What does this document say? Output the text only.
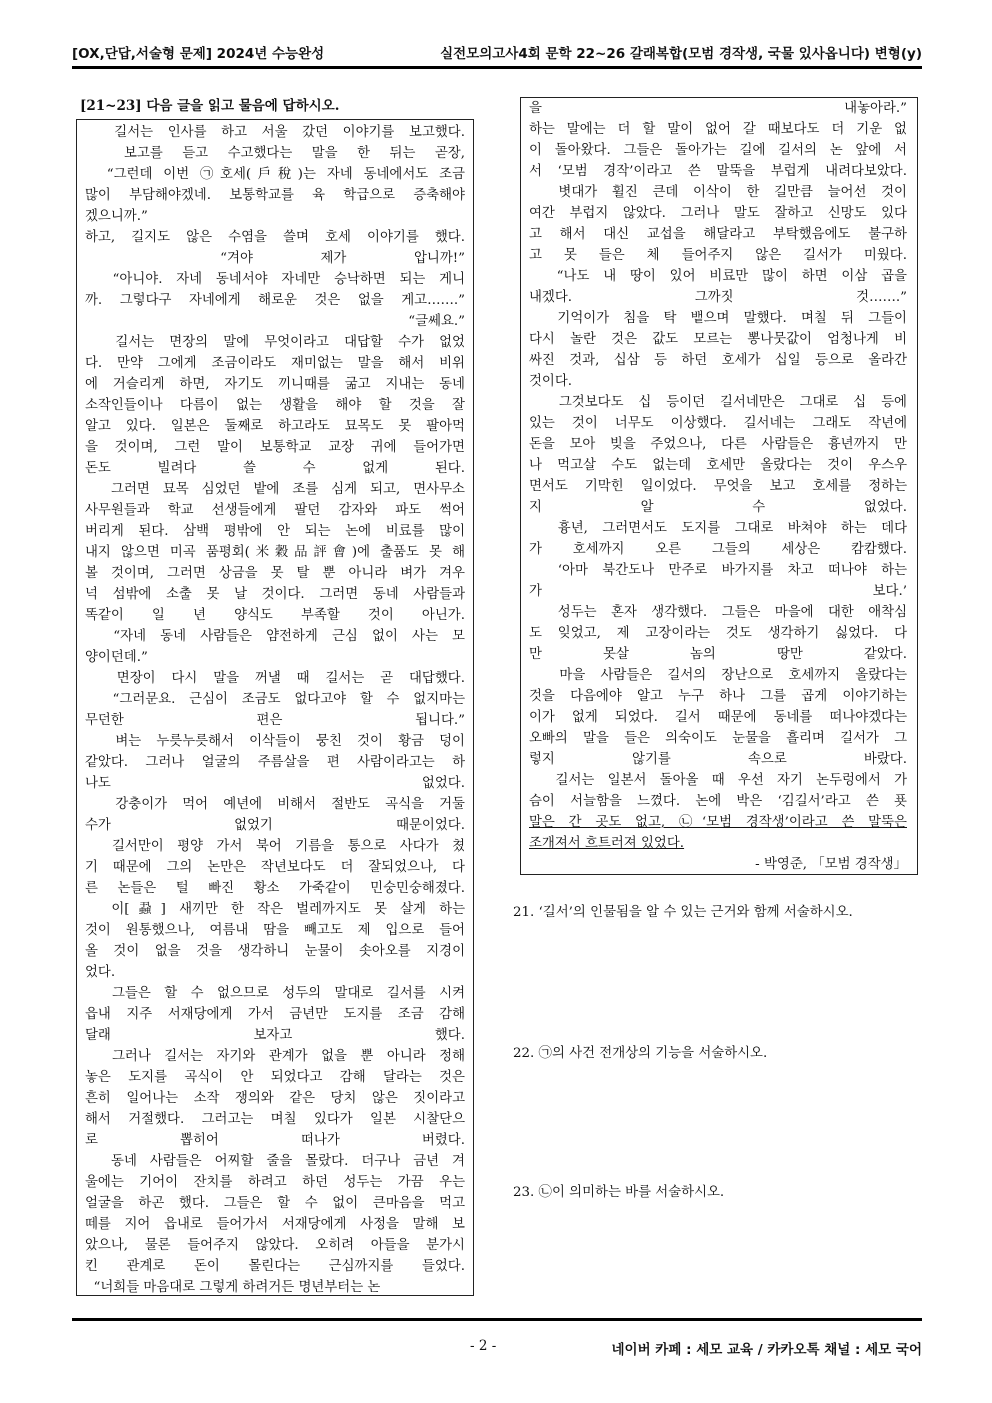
[OX,단답,서술형 문제] 2024년 수능완성	실전모의고사4회 문학 22~26 갈래복합(모범 경작생, 국물 있사옵니다) 변형(y)
[21~23] 다음 글을 읽고 물음에 답하시오.
길서는 인사를 하고 서울 갔던 이야기를 보고했다.
보고를 듣고 수고했다는 말을 한 뒤는 곧장,
“그런데 이번 ㉠호세(戶稅)는 자네 동네에서도 조금
많이 부담해야겠네. 보통학교를 육 학급으로 증축해야
겠으니까.”
하고, 길지도 않은 수염을 쓸며 호세 이야기를 했다.
“겨야 제가 압니까!”
“아니야. 자네 동네서야 자네만 승낙하면 되는 게니
까. 그렇다구 자네에게 해로운 것은 없을 게고…….”
“글쎄요.”
길서는 면장의 말에 무엇이라고 대답할 수가 없었
다. 만약 그에게 조금이라도 재미없는 말을 해서 비위
에 거슬리게 하면, 자기도 끼니때를 굶고 지내는 동네
소작인들이나 다름이 없는 생활을 해야 할 것을 잘
알고 있다. 일본은 둘째로 하고라도 묘목도 못 팔아먹
을 것이며, 그런 말이 보통학교 교장 귀에 들어가면
돈도 빌려다 쓸 수 없게 된다.
그러면 묘목 심었던 밭에 조를 심게 되고, 면사무소
사무원들과 학교 선생들에게 팔던 감자와 파도 썩어
버리게 된다. 삼백 평밖에 안 되는 논에 비료를 많이
내지 않으면 미곡 품평회(米穀品評會)에 출품도 못 해
볼 것이며, 그러면 상금을 못 탈 뿐 아니라 벼가 겨우
넉 섬밖에 소출 못 날 것이다. 그러면 동네 사람들과
똑같이 일 년 양식도 부족할 것이 아닌가.
“자네 동네 사람들은 얌전하게 근심 없이 사는 모
양이던데.”
면장이 다시 말을 꺼낼 때 길서는 곧 대답했다.
“그러문요. 근심이 조금도 없다고야 할 수 없지마는
무던한 편은 됩니다.”
벼는 누릇누릇해서 이삭들이 뭉친 것이 황금 덩이
같았다. 그러나 얼굴의 주름살을 편 사람이라고는 하
나도 없었다.
강충이가 먹어 예년에 비해서 절반도 곡식을 거둘
수가 없었기 때문이었다.
길서만이 평양 가서 북어 기름을 통으로 사다가 쳤
기 때문에 그의 논만은 작년보다도 더 잘되었으나, 다
른 논들은 털 빠진 황소 가죽같이 민숭민숭해졌다.
이[蝨] 새끼만 한 작은 벌레까지도 못 살게 하는
것이 원통했으나, 여름내 땀을 빼고도 제 입으로 들어
올 것이 없을 것을 생각하니 눈물이 솟아오를 지경이
었다.
그들은 할 수 없으므로 성두의 말대로 길서를 시켜
읍내 지주 서재당에게 가서 금년만 도지를 조금 감해
달래 보자고 했다.
그러나 길서는 자기와 관계가 없을 뿐 아니라 정해
놓은 도지를 곡식이 안 되었다고 감해 달라는 것은
흔히 일어나는 소작 쟁의와 같은 당치 않은 짓이라고
해서 거절했다. 그러고는 며칠 있다가 일본 시찰단으
로 뽑히어 떠나가 버렸다.
동네 사람들은 어찌할 줄을 몰랐다. 더구나 금년 겨
울에는 기어이 잔치를 하려고 하던 성두는 가끔 우는
얼굴을 하곤 했다. 그들은 할 수 없이 큰마음을 먹고
떼를 지어 읍내로 들어가서 서재당에게 사정을 말해 보
았으나, 물론 들어주지 않았다. 오히려 아들을 분가시
킨 관계로 돈이 몰린다는 근심까지를 들었다.
“너희들 마음대로 그렇게 하려거든 명년부터는 논
을 내놓아라.”
하는 말에는 더 할 말이 없어 갈 때보다도 더 기운 없
이 돌아왔다. 그들은 돌아가는 길에 길서의 논 앞에 서
서 ‘모범 경작’이라고 쓴 말뚝을 부럽게 내려다보았다.
볏대가 휠진 큰데 이삭이 한 길만큼 늘어선 것이
여간 부럽지 않았다. 그러나 말도 잘하고 신망도 있다
고 해서 대신 교섭을 해달라고 부탁했음에도 불구하
고 못 들은 체 들어주지 않은 길서가 미웠다.
“나도 내 땅이 있어 비료만 많이 하면 이삼 곱을
내겠다. 그까짓 것…….”
기억이가 침을 탁 뱉으며 말했다. 며칠 뒤 그들이
다시 놀란 것은 값도 모르는 뽕나뭇값이 엄청나게 비
싸진 것과, 십삼 등 하던 호세가 십일 등으로 올라간
것이다.
그것보다도 십 등이던 길서네만은 그대로 십 등에
있는 것이 너무도 이상했다. 길서네는 그래도 작년에
돈을 모아 빚을 주었으나, 다른 사람들은 흉년까지 만
나 먹고살 수도 없는데 호세만 올랐다는 것이 우스우
면서도 기막힌 일이었다. 무엇을 보고 호세를 정하는
지 알 수 없었다.
흉년, 그러면서도 도지를 그대로 바쳐야 하는 데다
가 호세까지 오른 그들의 세상은 캄캄했다.
‘아마 북간도나 만주로 바가지를 차고 떠나야 하는
가 보다.’
성두는 혼자 생각했다. 그들은 마을에 대한 애착심
도 잊었고, 제 고장이라는 것도 생각하기 싫었다. 다
만 못살 놈의 땅만 같았다.
마을 사람들은 길서의 장난으로 호세까지 올랐다는
것을 다음에야 알고 누구 하나 그를 곱게 이야기하는
이가 없게 되었다. 길서 때문에 동네를 떠나야겠다는
오빠의 말을 들은 의숙이도 눈물을 흘리며 길서가 그
렇지 않기를 속으로 바랐다.
길서는 일본서 돌아올 때 우선 자기 논두렁에서 가
슴이 서늘함을 느꼈다. 논에 박은 ‘김길서’라고 쓴 푯
말은 간 곳도 없고, ㉡‘모범 경작생’이라고 쓴 말뚝은
조개져서 흐트러져 있었다.
- 박영준, 「모범 경작생」
21. ‘길서’의 인물됨을 알 수 있는 근거와 함께 서술하시오.
22. ㉠의 사건 전개상의 기능을 서술하시오.
23. ㉡이 의미하는 바를 서술하시오.
- 2 -	네이버 카페 : 세모 교육 / 카카오톡 채널 : 세모 국어
